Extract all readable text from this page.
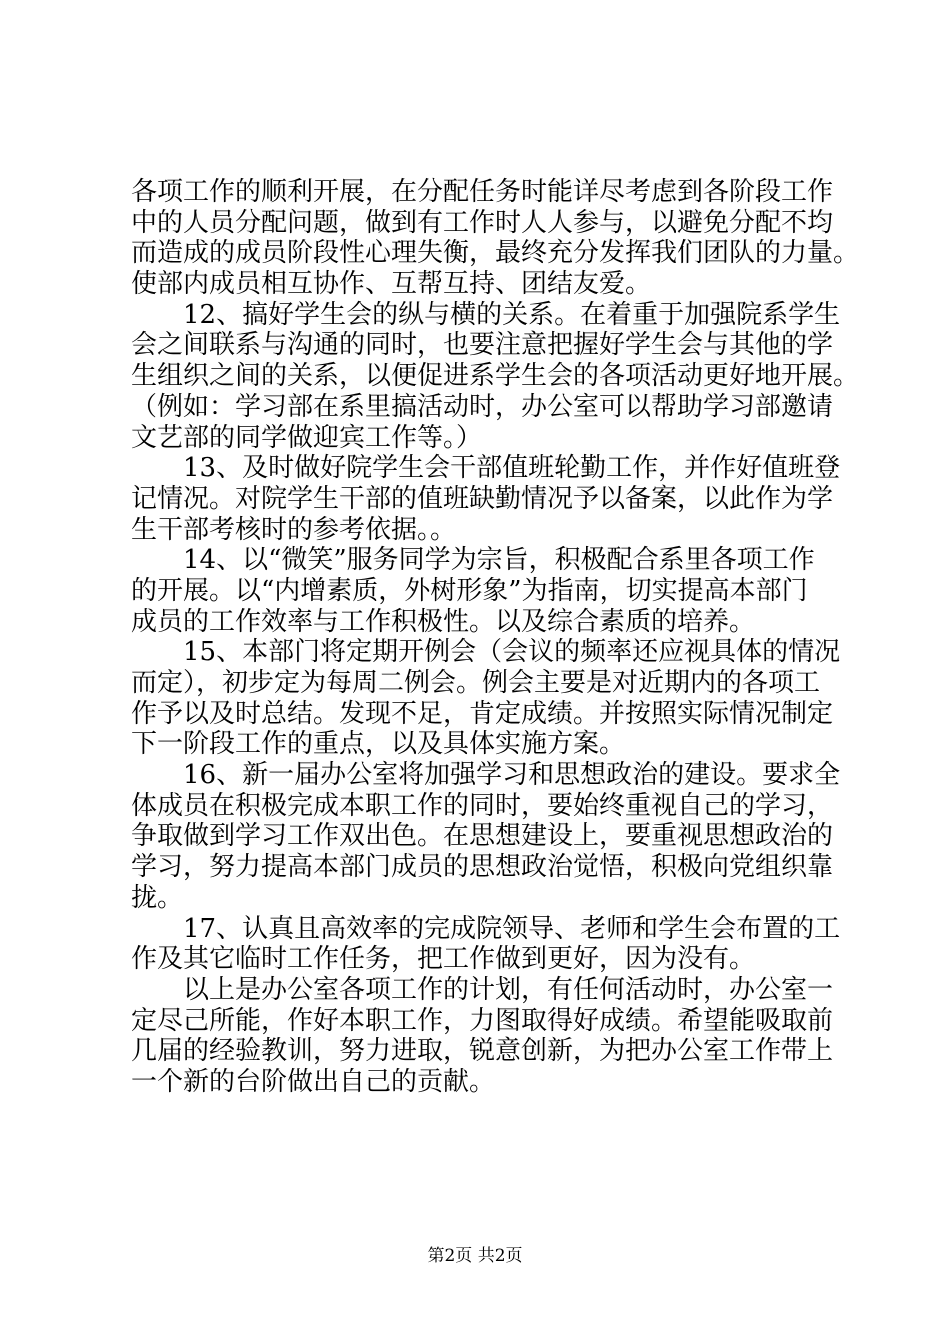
各项工作的顺利开展，在分配任务时能详尽考虑到各阶段工作
中的人员分配问题，做到有工作时人人参与，以避免分配不均
而造成的成员阶段性心理失衡，最终充分发挥我们团队的力量。
使部内成员相互协作、互帮互持、团结友爱。
12、搞好学生会的纵与横的关系。在着重于加强院系学生
会之间联系与沟通的同时，也要注意把握好学生会与其他的学
生组织之间的关系，以便促进系学生会的各项活动更好地开展。
（例如：学习部在系里搞活动时，办公室可以帮助学习部邀请
文艺部的同学做迎宾工作等。）
13、及时做好院学生会干部值班轮勤工作，并作好值班登
记情况。对院学生干部的值班缺勤情况予以备案，以此作为学
生干部考核时的参考依据。。
14、以“微笑”服务同学为宗旨，积极配合系里各项工作
的开展。以“内增素质，外树形象”为指南，切实提高本部门
成员的工作效率与工作积极性。以及综合素质的培养。
15、本部门将定期开例会（会议的频率还应视具体的情况
而定），初步定为每周二例会。例会主要是对近期内的各项工
作予以及时总结。发现不足，肯定成绩。并按照实际情况制定
下一阶段工作的重点，以及具体实施方案。
16、新一届办公室将加强学习和思想政治的建设。要求全
体成员在积极完成本职工作的同时，要始终重视自己的学习，
争取做到学习工作双出色。在思想建设上，要重视思想政治的
学习，努力提高本部门成员的思想政治觉悟，积极向党组织靠
拢。
17、认真且高效率的完成院领导、老师和学生会布置的工
作及其它临时工作任务，把工作做到更好，因为没有。
以上是办公室各项工作的计划，有任何活动时，办公室一
定尽己所能，作好本职工作，力图取得好成绩。希望能吸取前
几届的经验教训，努力进取，锐意创新，为把办公室工作带上
一个新的台阶做出自己的贡献。
第2页 共2页
